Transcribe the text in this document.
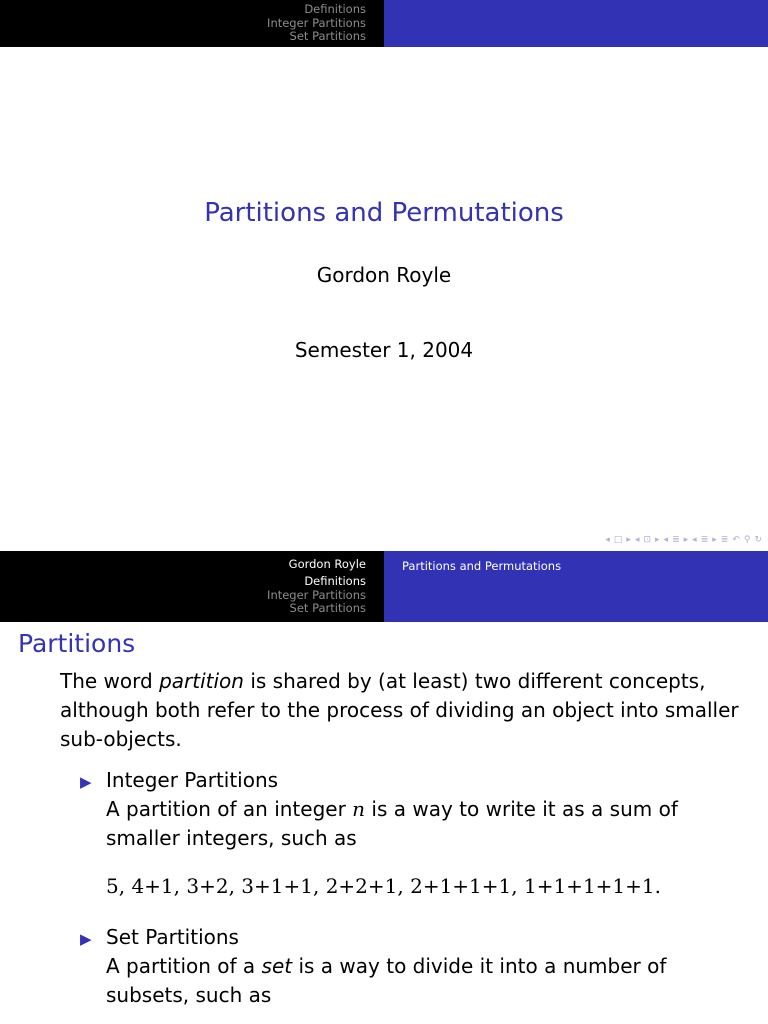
Definitions
Integer Partitions
Set Partitions
Partitions and Permutations
Gordon Royle
Semester 1, 2004
◂ □ ▸ ◂ ⊡ ▸ ◂ ≣ ▸ ◂ ≣ ▸ ≣ ↶ ⚲ ↻
Gordon Royle
Definitions
Integer Partitions
Set Partitions
Partitions and Permutations
Partitions
The word partition is shared by (at least) two different concepts, although both refer to the process of dividing an object into smaller sub-objects.
▶ Integer Partitions
A partition of an integer n is a way to write it as a sum of smaller integers, such as
5, 4+1, 3+2, 3+1+1, 2+2+1, 2+1+1+1, 1+1+1+1+1.
▶ Set Partitions
A partition of a set is a way to divide it into a number of subsets, such as
